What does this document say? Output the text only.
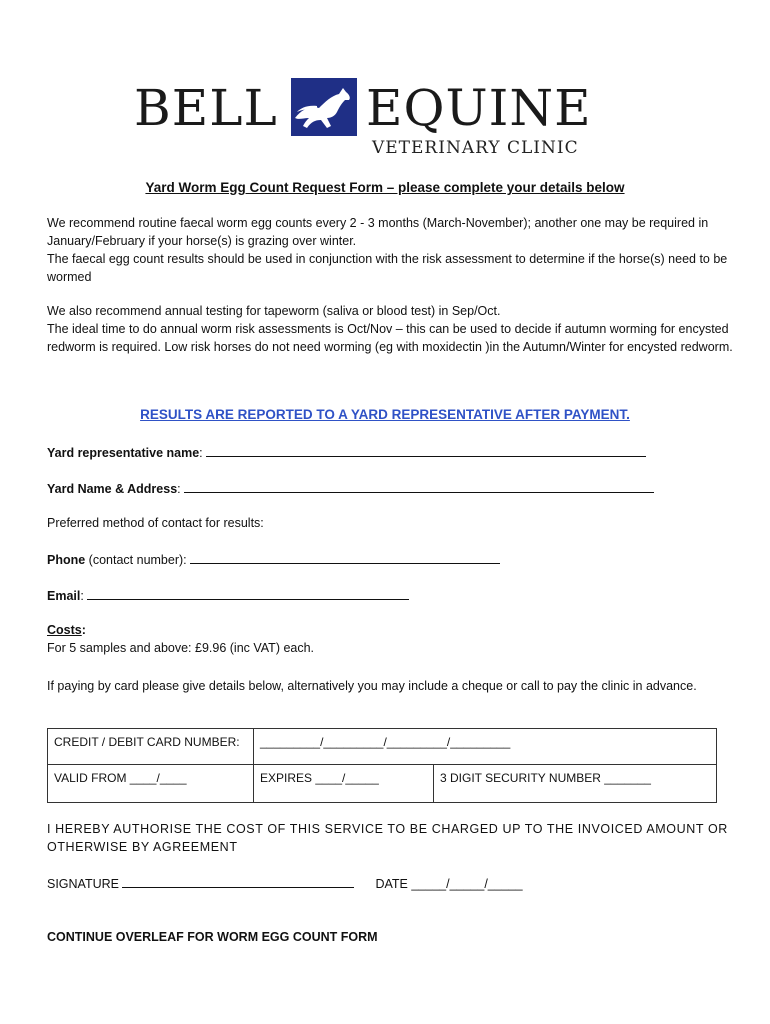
BELL EQUINE
VETERINARY CLINIC
Yard Worm Egg Count Request Form – please complete your details below
We recommend routine faecal worm egg counts every 2 - 3 months (March-November); another one may be required in January/February if your horse(s) is grazing over winter.
The faecal egg count results should be used in conjunction with the risk assessment to determine if the horse(s) need to be wormed
We also recommend annual testing for tapeworm (saliva or blood test) in Sep/Oct.
The ideal time to do annual worm risk assessments is Oct/Nov – this can be used to decide if autumn worming for encysted redworm is required. Low risk horses do not need worming (eg with moxidectin )in the Autumn/Winter for encysted redworm.
RESULTS ARE REPORTED TO A YARD REPRESENTATIVE AFTER PAYMENT.
Yard representative name:
Yard Name & Address:
Preferred method of contact for results:
Phone (contact number):
Email:
Costs:
For 5 samples and above: £9.96 (inc VAT) each.
If paying by card please give details below, alternatively you may include a cheque or call to pay the clinic in advance.
CREDIT / DEBIT CARD NUMBER:	_________/_________/_________/_________	
VALID FROM ____/____	EXPIRES ____/_____	3 DIGIT SECURITY NUMBER _______
I HEREBY AUTHORISE THE COST OF THIS SERVICE TO BE CHARGED UP TO THE INVOICED AMOUNT OR OTHERWISE BY AGREEMENT
SIGNATURE	DATE _____/_____/_____
CONTINUE OVERLEAF FOR WORM EGG COUNT FORM
